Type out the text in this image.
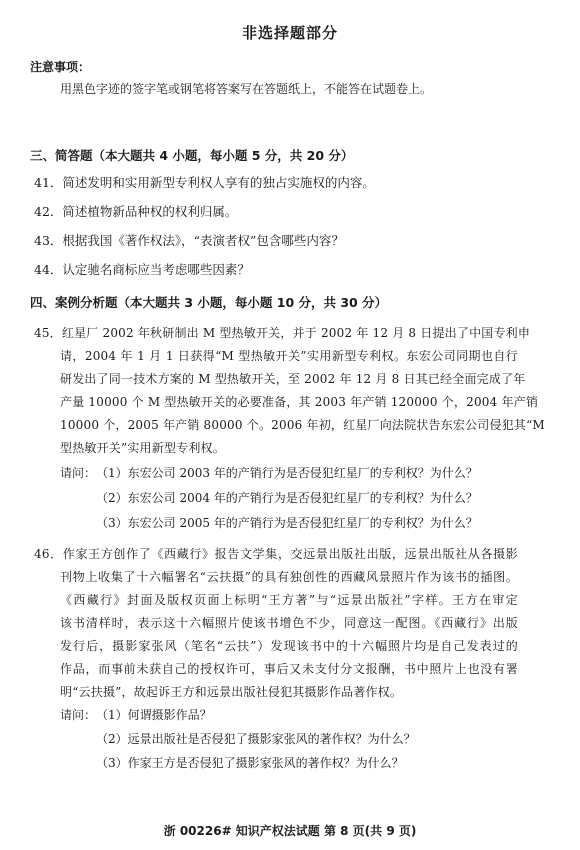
非选择题部分
注意事项：
用黑色字迹的签字笔或钢笔将答案写在答题纸上，不能答在试题卷上。
三、简答题（本大题共 4 小题，每小题 5 分，共 20 分）
41．简述发明和实用新型专利权人享有的独占实施权的内容。
42．简述植物新品种权的权利归属。
43．根据我国《著作权法》，“表演者权”包含哪些内容？
44．认定驰名商标应当考虑哪些因素？
四、案例分析题（本大题共 3 小题，每小题 10 分，共 30 分）
45．红星厂 2002 年秋研制出 M 型热敏开关，并于 2002 年 12 月 8 日提出了中国专利申
请，2004 年 1 月 1 日获得“M 型热敏开关”实用新型专利权。东宏公司同期也自行
研发出了同一技术方案的 M 型热敏开关，至 2002 年 12 月 8 日其已经全面完成了年
产量 10000 个 M 型热敏开关的必要准备，其 2003 年产销 120000 个，2004 年产销
10000 个，2005 年产销 80000 个。2006 年初，红星厂向法院状告东宏公司侵犯其“M
型热敏开关”实用新型专利权。
请问： （1）东宏公司 2003 年的产销行为是否侵犯红星厂的专利权？为什么？
（2）东宏公司 2004 年的产销行为是否侵犯红星厂的专利权？为什么？
（3）东宏公司 2005 年的产销行为是否侵犯红星厂的专利权？为什么？
46．作家王方创作了《西藏行》报告文学集，交远景出版社出版，远景出版社从各摄影
刊物上收集了十六幅署名“云扶摄”的具有独创性的西藏风景照片作为该书的插图。
《西藏行》封面及版权页面上标明“王方著”与“远景出版社”字样。王方在审定
该书清样时，表示这十六幅照片使该书增色不少，同意这一配图。《西藏行》出版
发行后，摄影家张风（笔名“云扶”）发现该书中的十六幅照片均是自己发表过的
作品，而事前未获自己的授权许可，事后又未支付分文报酬，书中照片上也没有署
明“云扶摄”，故起诉王方和远景出版社侵犯其摄影作品著作权。
请问： （1）何谓摄影作品？
（2）远景出版社是否侵犯了摄影家张风的著作权？为什么？
（3）作家王方是否侵犯了摄影家张风的著作权？为什么？
浙 00226# 知识产权法试题 第 8 页(共 9 页)
